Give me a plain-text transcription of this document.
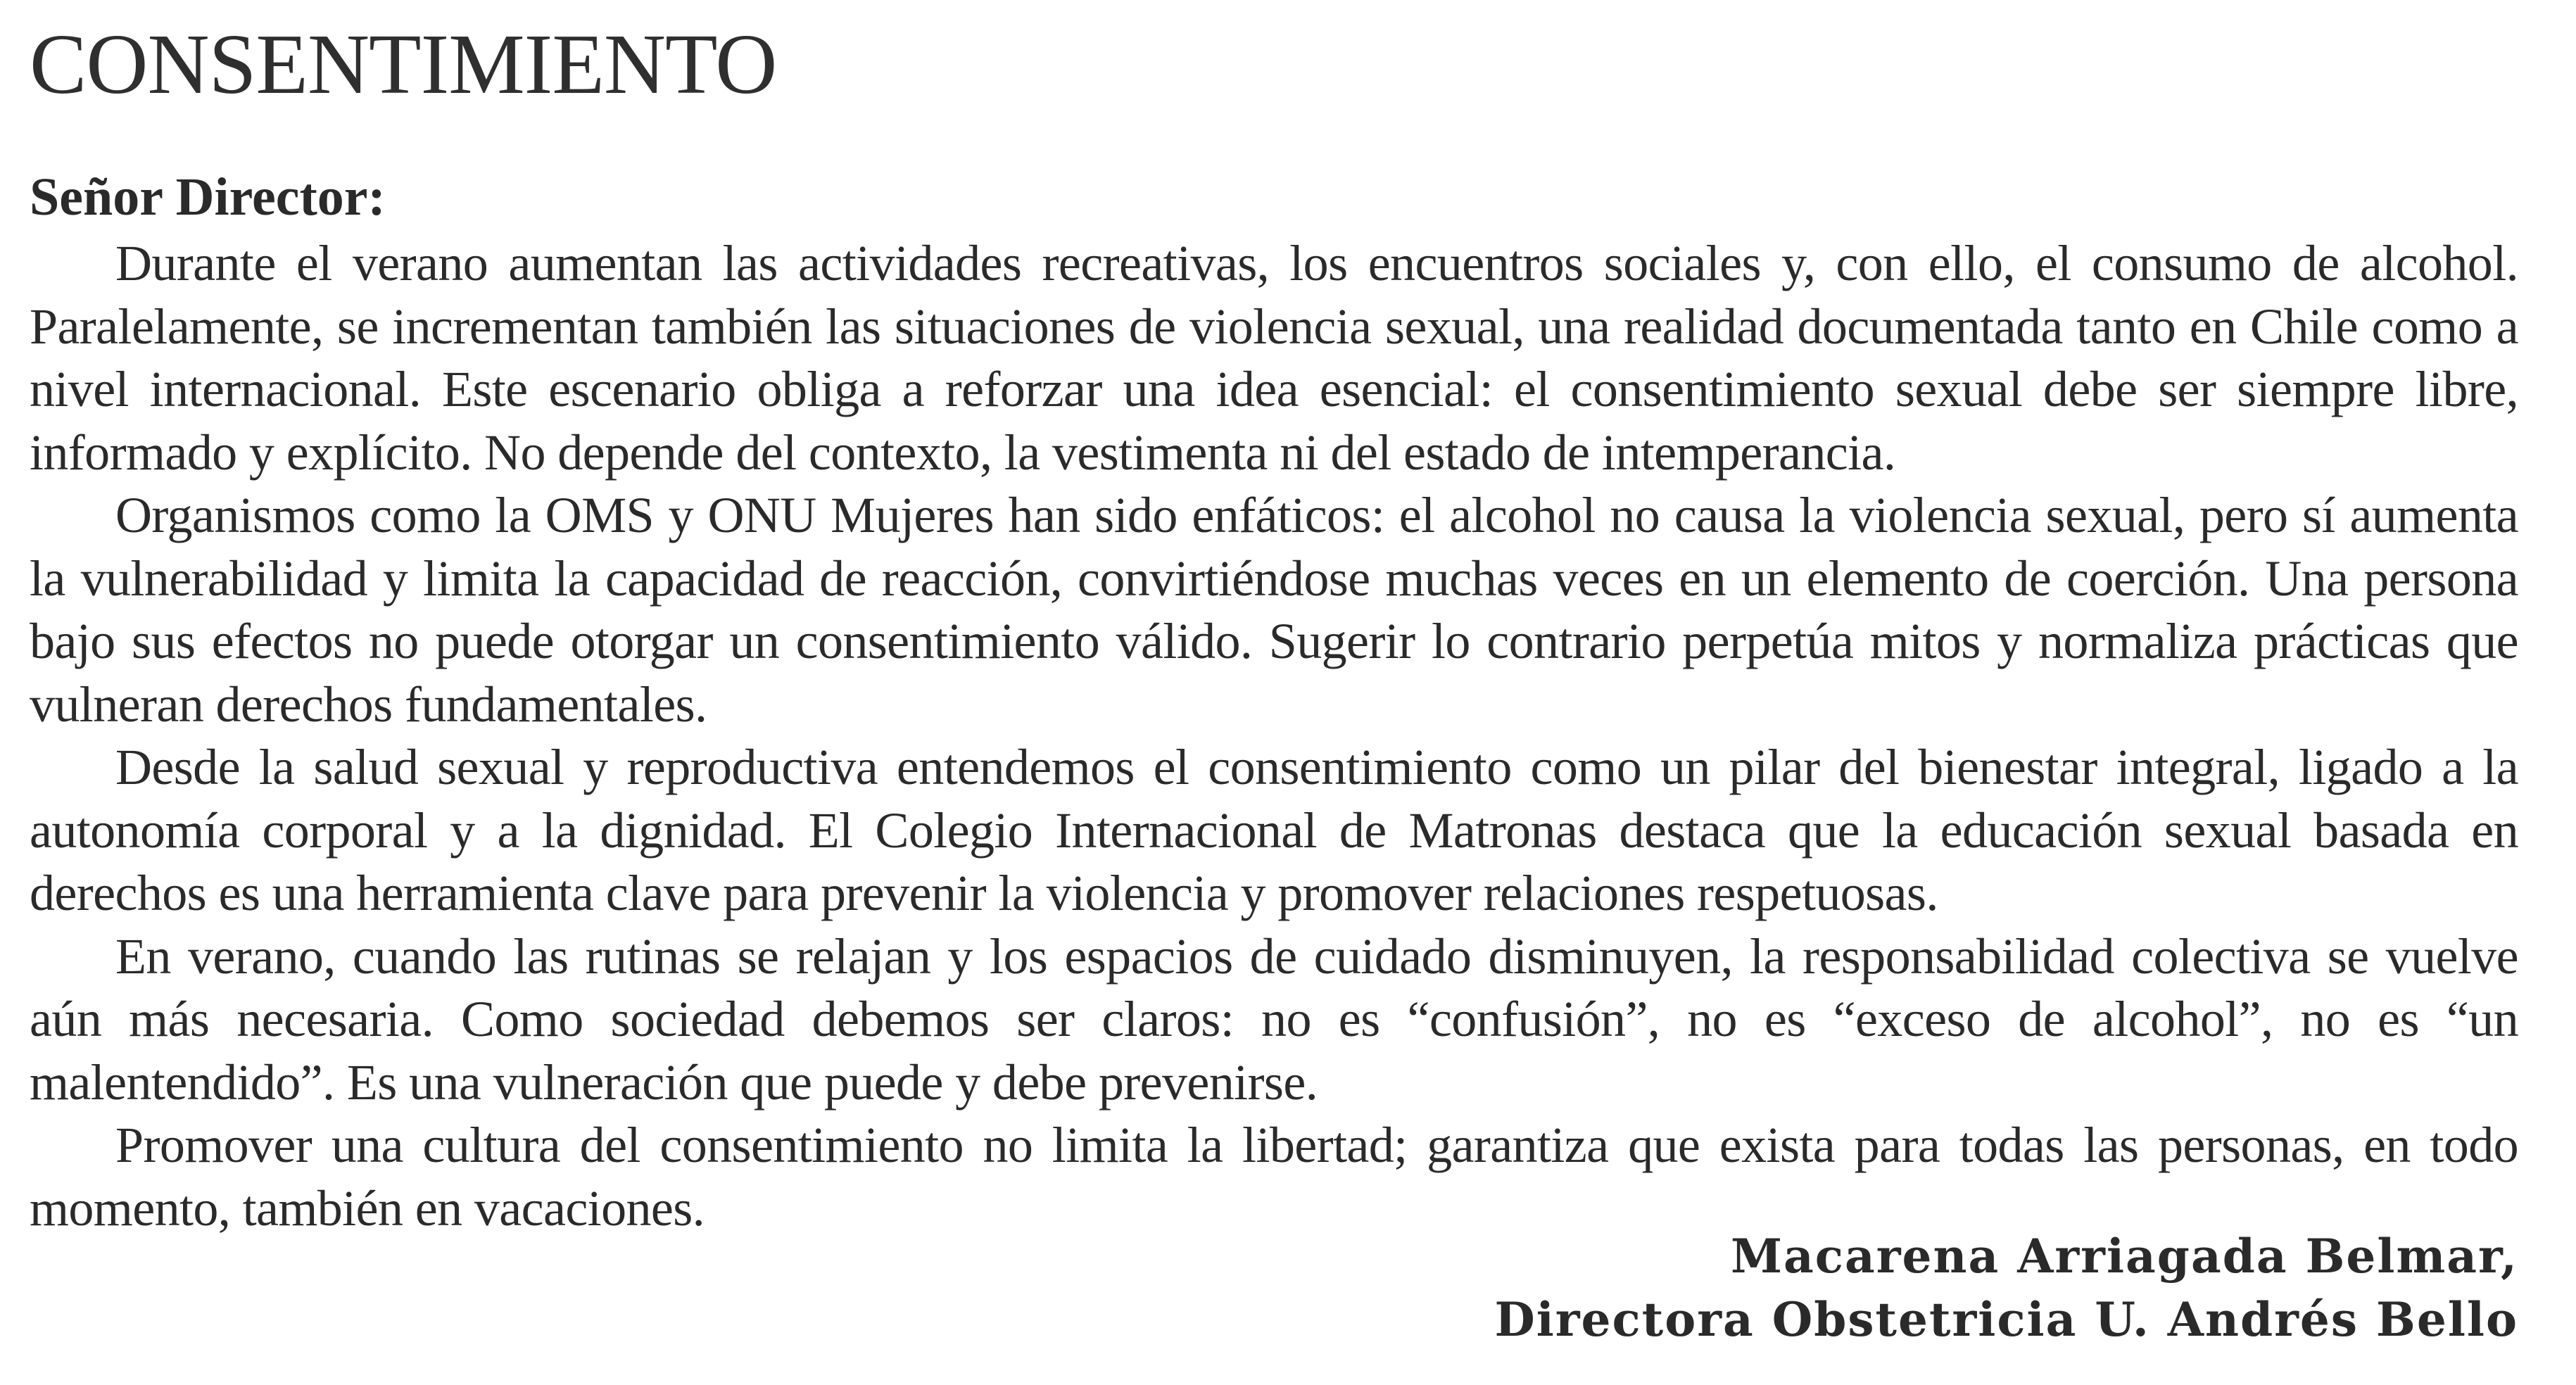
CONSENTIMIENTO
Señor Director:

Durante el verano aumentan las actividades recreativas, los encuentros sociales y, con ello, el consumo de alcohol. Paralelamente, se incrementan también las situaciones de violencia sexual, una realidad documentada tanto en Chile como a nivel internacional. Este escenario obliga a reforzar una idea esencial: el consentimiento sexual debe ser siempre libre, informado y explícito. No depende del contexto, la vestimenta ni del estado de intemperancia.

Organismos como la OMS y ONU Mujeres han sido enfáticos: el alcohol no causa la violencia sexual, pero sí aumenta la vulnerabilidad y limita la capacidad de reacción, convirtiéndose muchas veces en un elemento de coerción. Una persona bajo sus efectos no puede otorgar un consentimiento válido. Sugerir lo contrario perpetúa mitos y normaliza prácticas que vulneran derechos fundamentales.

Desde la salud sexual y reproductiva entendemos el consentimiento como un pilar del bienestar integral, ligado a la autonomía corporal y a la dignidad. El Colegio Internacional de Matronas destaca que la educación sexual basada en derechos es una herramienta clave para prevenir la violencia y promover relaciones respetuosas.

En verano, cuando las rutinas se relajan y los espacios de cuidado disminuyen, la responsabilidad colectiva se vuelve aún más necesaria. Como sociedad debemos ser claros: no es “confusión”, no es “exceso de alcohol”, no es “un malentendido”. Es una vulneración que puede y debe prevenirse.

Promover una cultura del consentimiento no limita la libertad; garantiza que exista para todas las personas, en todo momento, también en vacaciones.

Macarena Arriagada Belmar,
Directora Obstetricia U. Andrés Bello
